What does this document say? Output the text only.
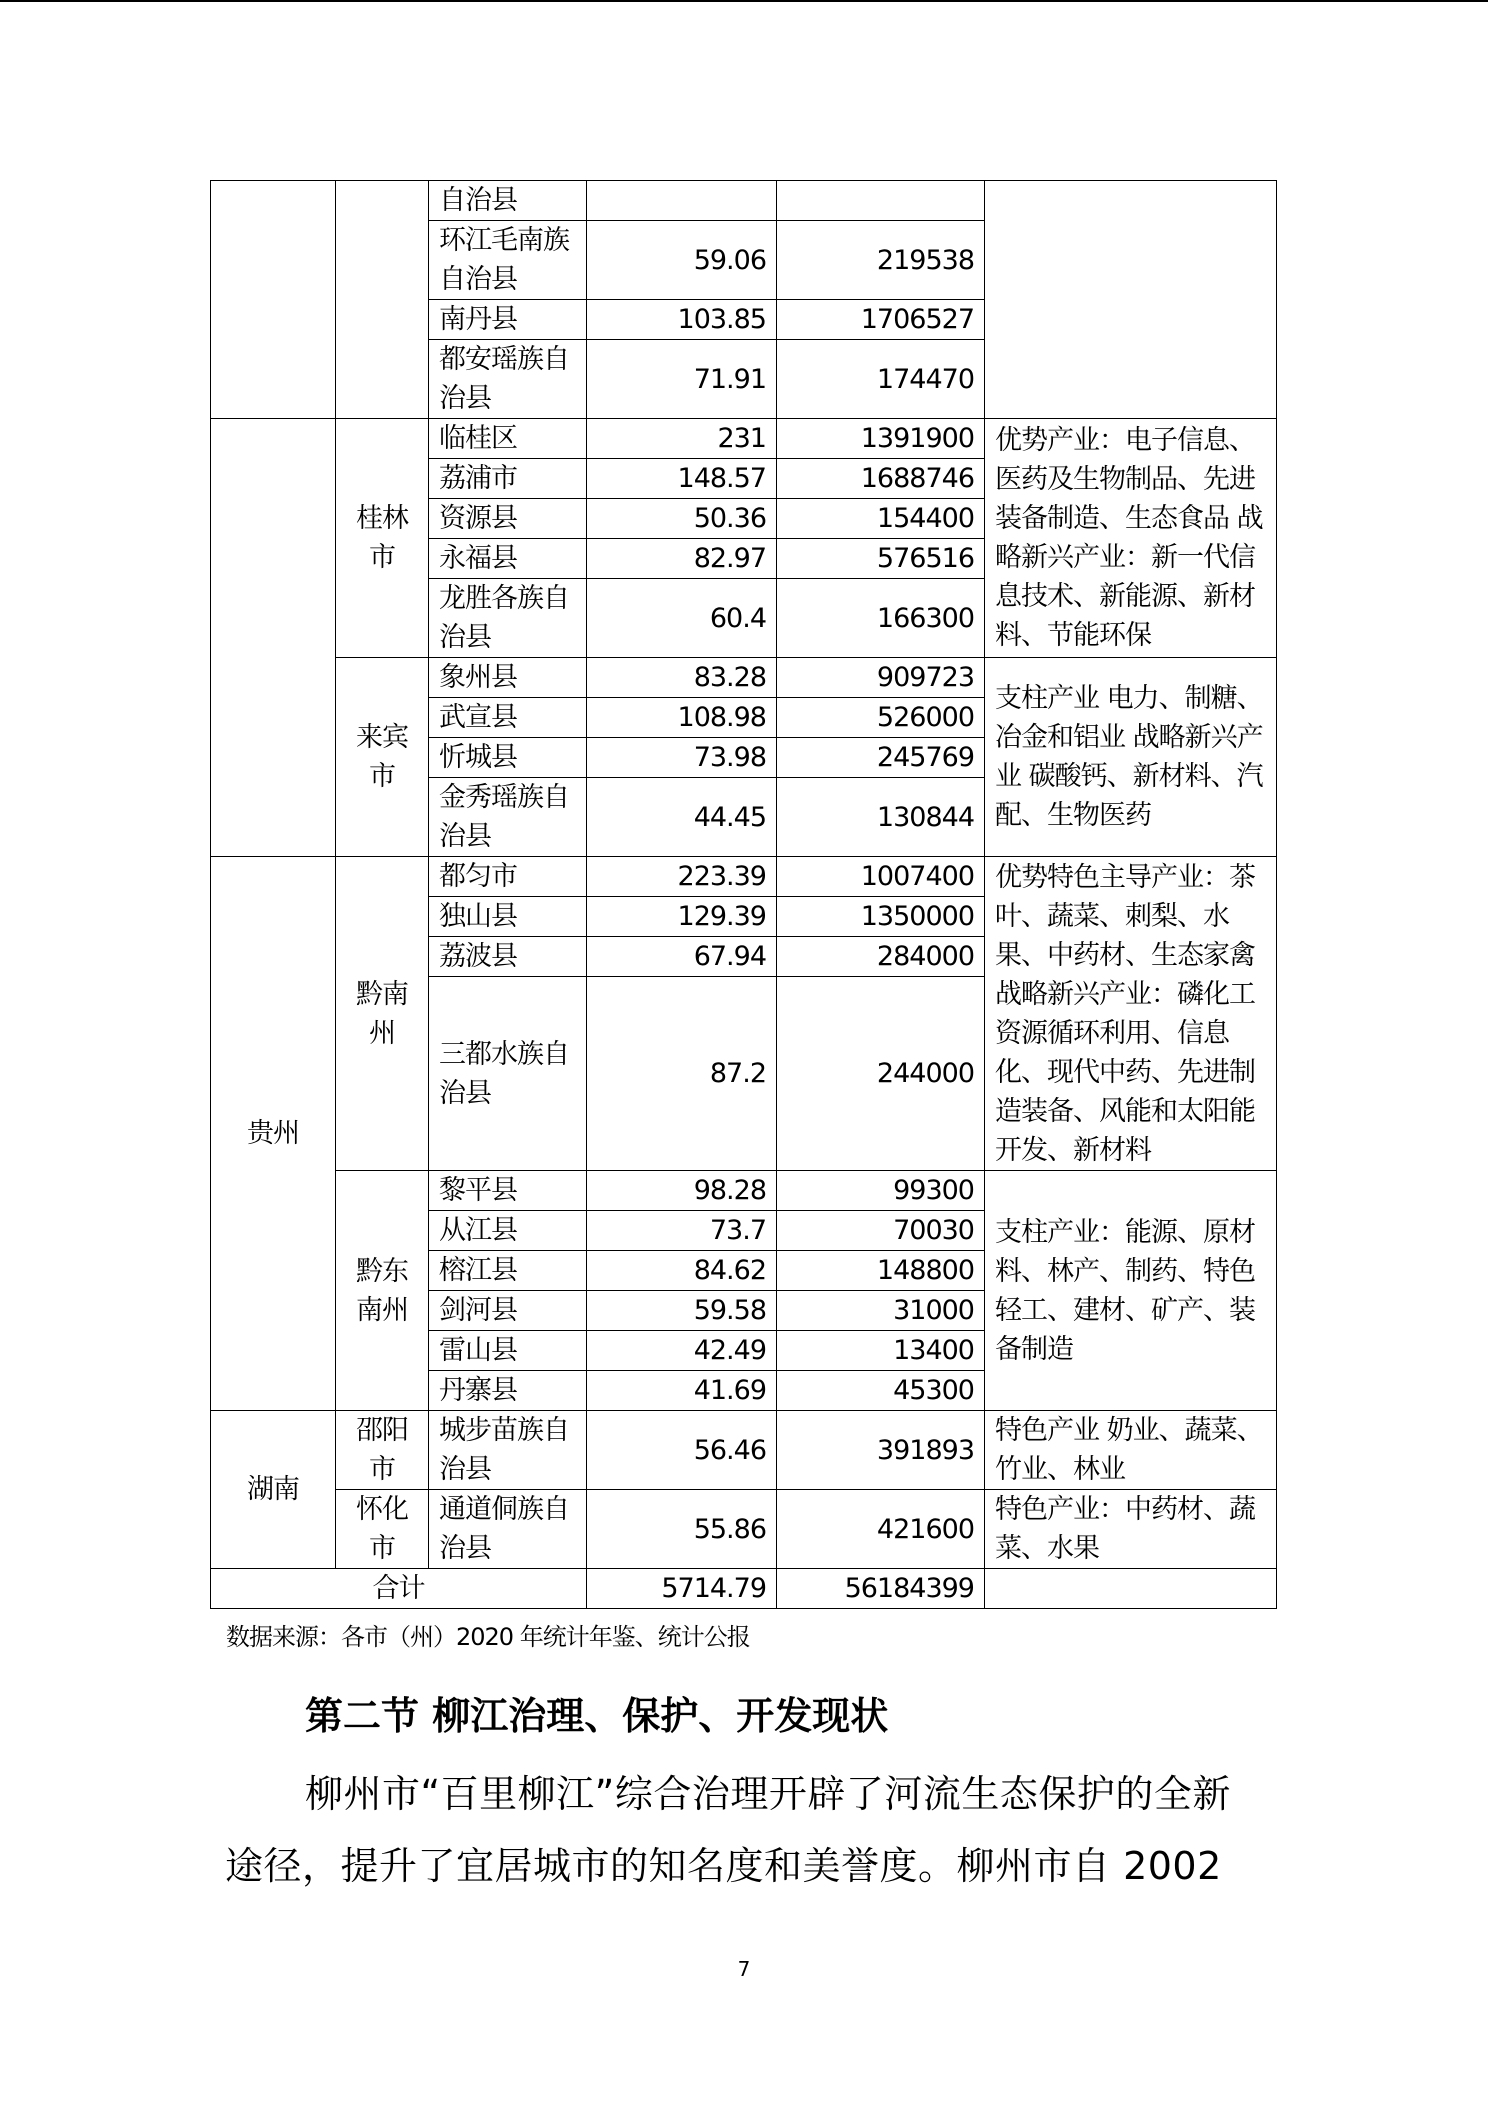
		自治县			
		环江毛南族自治县	59.06	219538	
		南丹县	103.85	1706527	
		都安瑶族自治县	71.91	174470	
	桂林市	临桂区	231	1391900	优势产业：电子信息、医药及生物制品、先进装备制造、生态食品 战略新兴产业：新一代信息技术、新能源、新材料、节能环保
		荔浦市	148.57	1688746	
		资源县	50.36	154400	
		永福县	82.97	576516	
		龙胜各族自治县	60.4	166300	
	来宾市	象州县	83.28	909723	支柱产业 电力、制糖、冶金和铝业 战略新兴产业 碳酸钙、新材料、汽配、生物医药
		武宣县	108.98	526000	
		忻城县	73.98	245769	
		金秀瑶族自治县	44.45	130844	
贵州	黔南州	都匀市	223.39	1007400	优势特色主导产业：茶叶、蔬菜、刺梨、水果、中药材、生态家禽 战略新兴产业：磷化工资源循环利用、信息化、现代中药、先进制造装备、风能和太阳能开发、新材料
		独山县	129.39	1350000	
		荔波县	67.94	284000	
		三都水族自治县	87.2	244000	
	黔东南州	黎平县	98.28	99300	支柱产业：能源、原材料、林产、制药、特色轻工、建材、矿产、装备制造
		从江县	73.7	70030	
		榕江县	84.62	148800	
		剑河县	59.58	31000	
		雷山县	42.49	13400	
		丹寨县	41.69	45300	
湖南	邵阳市	城步苗族自治县	56.46	391893	特色产业 奶业、蔬菜、竹业、林业
	怀化市	通道侗族自治县	55.86	421600	特色产业：中药材、蔬菜、水果
合计			5714.79	56184399	
数据来源：各市（州）2020 年统计年鉴、统计公报
第二节 柳江治理、保护、开发现状
柳州市“百里柳江”综合治理开辟了河流生态保护的全新
途径，提升了宜居城市的知名度和美誉度。柳州市自 2002
7
